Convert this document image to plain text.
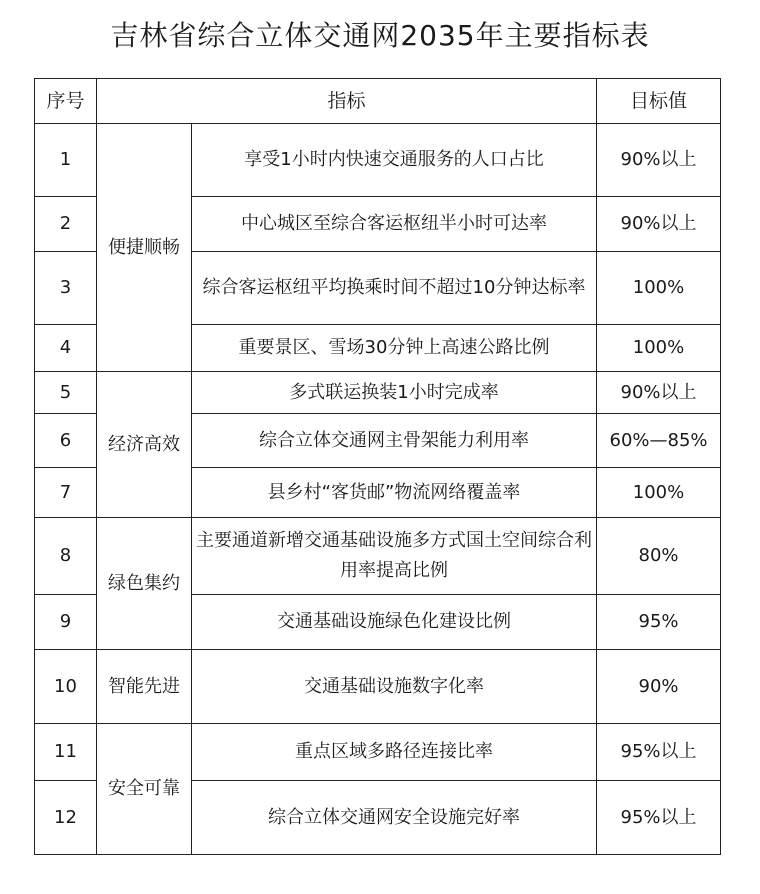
吉林省综合立体交通网2035年主要指标表
序号	指标		目标值
1	便捷顺畅	享受1小时内快速交通服务的人口占比	90%以上
2		中心城区至综合客运枢纽半小时可达率	90%以上
3		综合客运枢纽平均换乘时间不超过10分钟达标率	100%
4		重要景区、雪场30分钟上高速公路比例	100%
5	经济高效	多式联运换装1小时完成率	90%以上
6		综合立体交通网主骨架能力利用率	60%—85%
7		县乡村“客货邮”物流网络覆盖率	100%
8	绿色集约	主要通道新增交通基础设施多方式国土空间综合利用率提高比例	80%
9		交通基础设施绿色化建设比例	95%
10	智能先进	交通基础设施数字化率	90%
11	安全可靠	重点区域多路径连接比率	95%以上
12		综合立体交通网安全设施完好率	95%以上
